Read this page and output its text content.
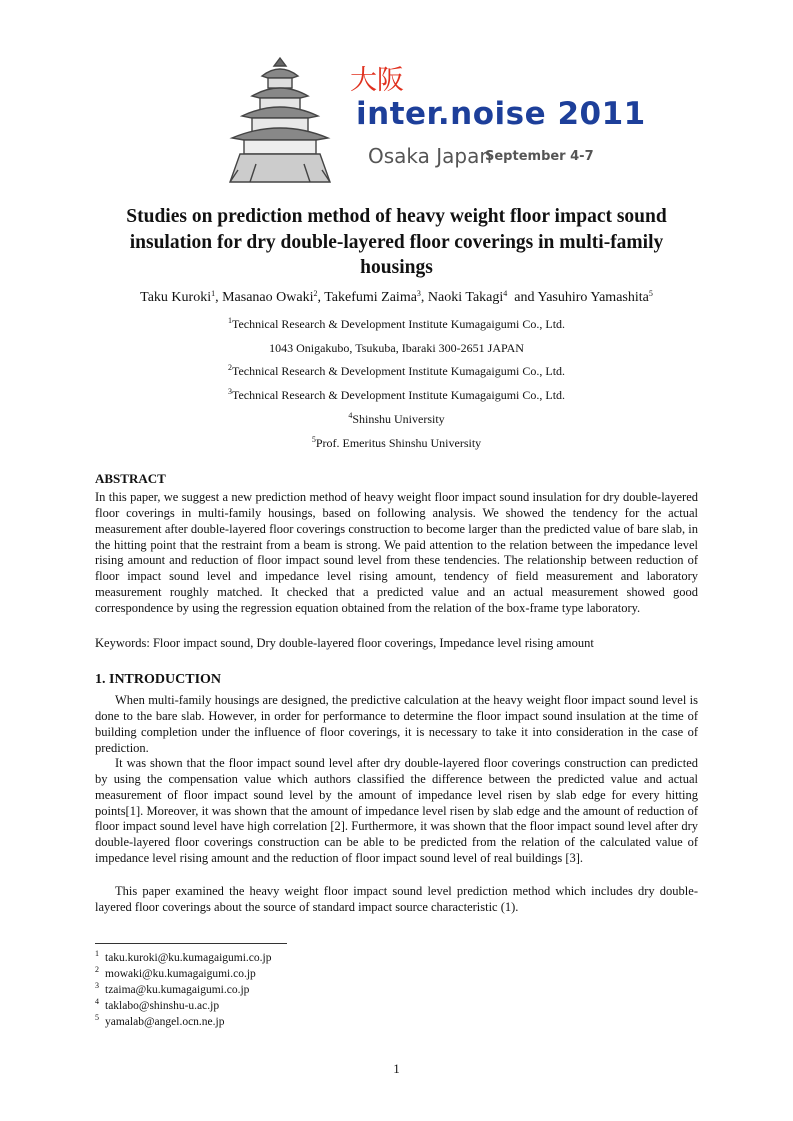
大阪
inter.noise 2011
Osaka Japan
September 4-7
Studies on prediction method of heavy weight floor impact sound insulation for dry double-layered floor coverings in multi-family housings
Taku Kuroki$^1$, Masanao Owaki$^2$, Takefumi Zaima$^3$, Naoki Takagi$^4$  and Yasuhiro Yamashita$^5$
$^1$Technical Research & Development Institute Kumagaigumi Co., Ltd.
1043 Onigakubo, Tsukuba, Ibaraki 300-2651 JAPAN
$^2$Technical Research & Development Institute Kumagaigumi Co., Ltd.
$^3$Technical Research & Development Institute Kumagaigumi Co., Ltd.
$^4$Shinshu University
$^5$Prof. Emeritus Shinshu University
ABSTRACT

In this paper, we suggest a new prediction method of heavy weight floor impact sound insulation for dry double-layered floor coverings in multi-family housings, based on following analysis. We showed the tendency for the actual measurement after double-layered floor coverings construction to become larger than the predicted value of bare slab, in the hitting point that the restraint from a beam is strong. We paid attention to the relation between the impedance level rising amount and reduction of floor impact sound level from these tendencies. The relationship between reduction of floor impact sound level and impedance level rising amount, tendency of field measurement and laboratory measurement roughly matched. It checked that a predicted value and an actual measurement showed good correspondence by using the regression equation obtained from the relation of the box-frame type laboratory.

Keywords: Floor impact sound, Dry double-layered floor coverings, Impedance level rising amount

1. INTRODUCTION

When multi-family housings are designed, the predictive calculation at the heavy weight floor impact sound level is done to the bare slab. However, in order for performance to determine the floor impact sound insulation at the time of building completion under the influence of floor coverings, it is necessary to take it into consideration in the case of prediction.

It was shown that the floor impact sound level after dry double-layered floor coverings construction can predicted by using the compensation value which authors classified the difference between the predicted value and actual measurement of floor impact sound level by the amount of impedance level risen by slab edge for every hitting points[1]. Moreover, it was shown that the amount of impedance level risen by slab edge and the amount of reduction of floor impact sound level have high correlation [2]. Furthermore, it was shown that the floor impact sound level after dry double-layered floor coverings construction can be able to be predicted from the relation of the calculated value of impedance level rising amount and the reduction of floor impact sound level of real buildings [3].

This paper examined the heavy weight floor impact sound level prediction method which includes dry double-layered floor coverings about the source of standard impact source characteristic (1).

$^1$ taku.kuroki@ku.kumagaigumi.co.jp
$^2$ mowaki@ku.kumagaigumi.co.jp
$^3$ tzaima@ku.kumagaigumi.co.jp
$^4$ taklabo@shinshu-u.ac.jp
$^5$ yamalab@angel.ocn.ne.jp
1
